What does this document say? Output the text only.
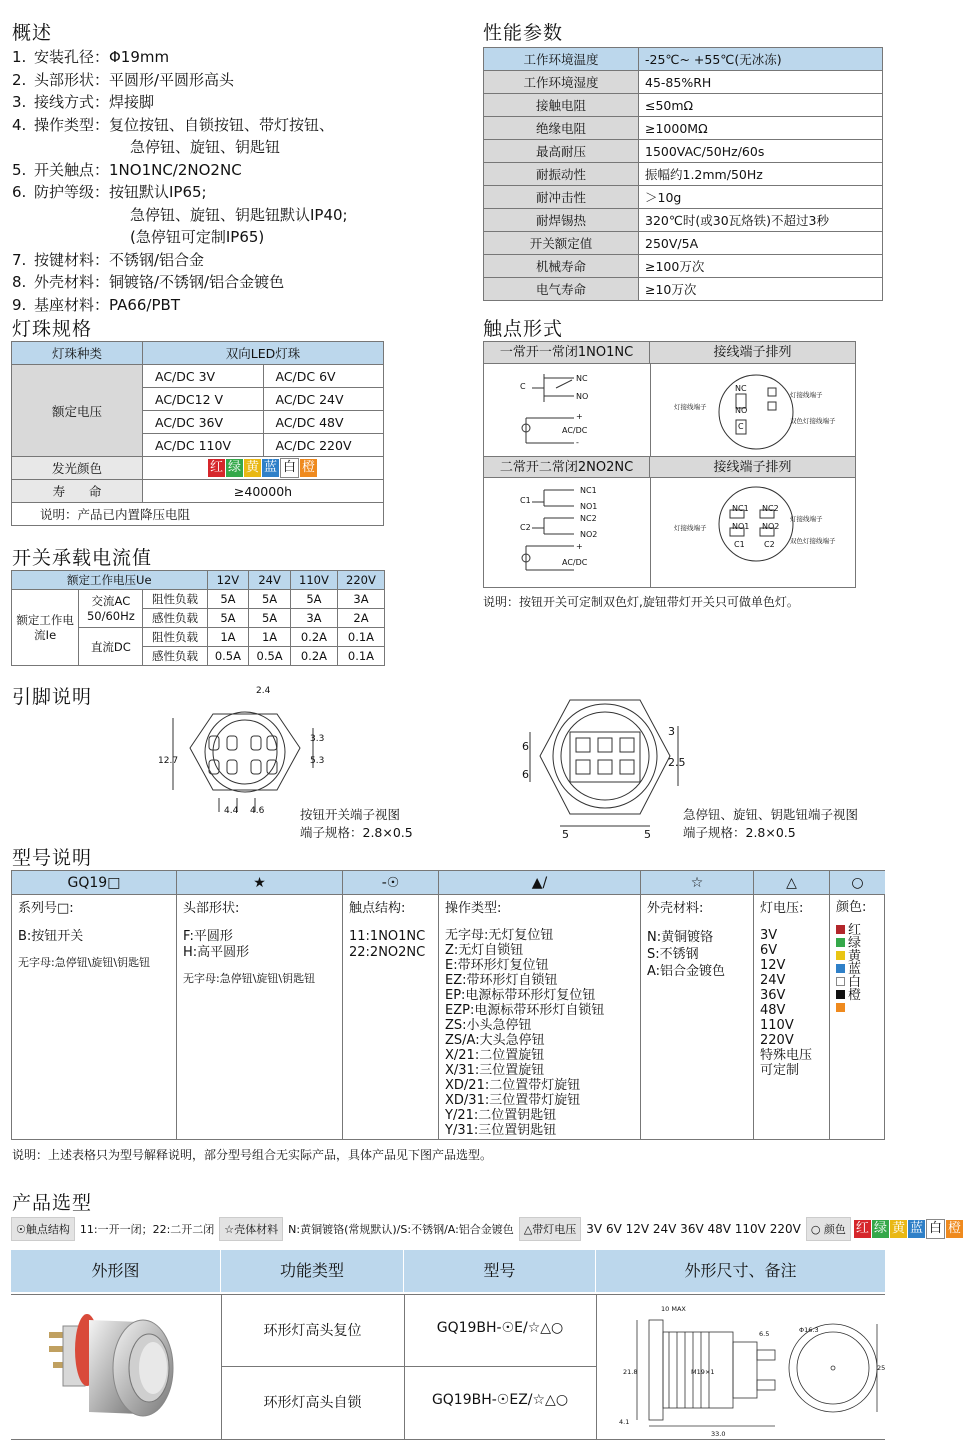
概述
1. 安装孔径：Φ19mm
2. 头部形状：平圆形/平圆形高头
3. 接线方式：焊接脚
4. 操作类型：复位按钮、自锁按钮、带灯按钮、
急停钮、旋钮、钥匙钮
5. 开关触点：1NO1NC/2NO2NC
6. 防护等级：按钮默认IP65;
急停钮、旋钮、钥匙钮默认IP40;
(急停钮可定制IP65)
7. 按键材料：不锈钢/铝合金
8. 外壳材料：铜镀铬/不锈钢/铝合金镀色
9. 基座材料：PA66/PBT
性能参数
工作环境温度	-25℃~ +55℃(无冰冻)
工作环境湿度	45-85%RH
接触电阻	≤50mΩ
绝缘电阻	≥1000MΩ
最高耐压	1500VAC/50Hz/60s
耐振动性	振幅约1.2mm/50Hz
耐冲击性	＞10g
耐焊锡热	320℃时(或30瓦烙铁)不超过3秒
开关额定值	250V/5A
机械寿命	≥100万次
电气寿命	≥10万次
灯珠规格
灯珠种类	双向LED灯珠	
额定电压	AC/DC 3V	AC/DC 6V
	AC/DC12 V	AC/DC 24V
	AC/DC 36V	AC/DC 48V
	AC/DC 110V	AC/DC 220V
发光颜色	红 绿 黄 蓝 白 橙	
寿      命	≥40000h	
说明：产品已内置降压电阻		
开关承载电流值
额定工作电压Ue			12V	24V	110V	220V
额定工作电流Ie	交流AC 50/60Hz	阻性负载	5A	5A	5A	3A
		感性负载	5A	5A	3A	2A
	直流DC	阻性负载	1A	1A	0.2A	0.1A
		感性负载	0.5A	0.5A	0.2A	0.1A
触点形式
一常开一常闭1NO1NC	接线端子排列
二常开二常闭2NO2NC	接线端子排列
C
NC
NO
+
-
AC/DC
NC
NO
C
灯接线端子
灯接线端子
双色灯接线端子
C1
C2
NC1
NO1
NC2
NO2
+
AC/DC
NC1 NC2
NO1 NO2
C1 C2
灯接线端子
灯接线端子
双色灯接线端子
说明：按钮开关可定制双色灯,旋钮带灯开关只可做单色灯。
引脚说明	2.4
3.3
5.3
12.7
4.4 4.6	按钮开关端子视图
端子规格：2.8×0.5
3
6
6
2.5
5	5
急停钮、旋钮、钥匙钮端子视图
端子规格：2.8×0.5
型号说明
GQ19□	★	-☉	▲/	☆	△	○
系列号□:
B:按钮开关
无字母:急停钮\旋钮\钥匙钮
头部形状:
F:平圆形
H:高平圆形
无字母:急停钮\旋钮\钥匙钮
触点结构:
11:1NO1NC
22:2NO2NC
操作类型:
无字母:无灯复位钮
Z:无灯自锁钮
E:带环形灯复位钮
EZ:带环形灯自锁钮
EP:电源标带环形灯复位钮
EZP:电源标带环形灯自锁钮
ZS:小头急停钮
ZS/A:大头急停钮
X/21:二位置旋钮
X/31:三位置旋钮
XD/21:二位置带灯旋钮
XD/31:三位置带灯旋钮
Y/21:二位置钥匙钮
Y/31:三位置钥匙钮
外壳材料:
N:黄铜镀铬
S:不锈钢
A:铝合金镀色
灯电压:
3V
6V
12V
24V
36V
48V
110V
220V
特殊电压
可定制
颜色:
红
绿
黄
蓝
白
橙
说明：上述表格只为型号解释说明，部分型号组合无实际产品，具体产品见下图产品选型。
产品选型
☉触点结构 11:一开一闭；22:二开二闭 ☆壳体材料 N:黄铜镀铬(常规默认)/S:不锈钢/A:铝合金镀色 △带灯电压 3V 6V 12V 24V 36V 48V 110V 220V ○ 颜色 红 绿 黄 蓝 白 橙
外形图	功能类型	型号	外形尺寸、备注
环形灯高头复位	GQ19BH-☉E/☆△○
环形灯高头自锁	GQ19BH-☉EZ/☆△○
10 MAX
6.5
21.8	M19×1
4.1
33.0
Φ16.3
25
